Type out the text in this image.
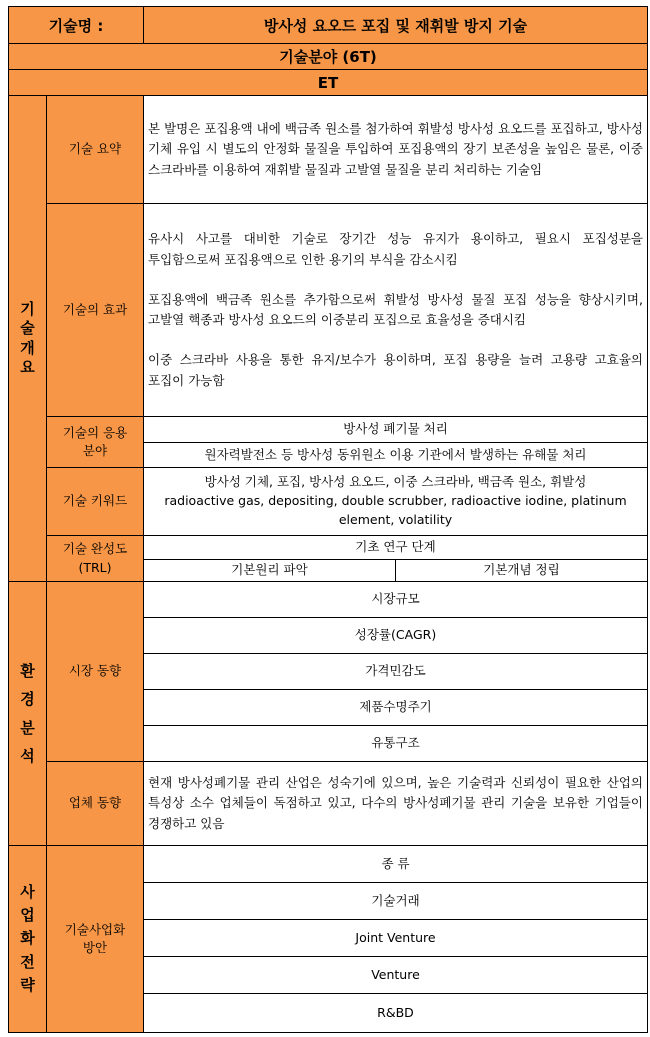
기술명 :	방사성 요오드 포집 및 재휘발 방지 기술
기술분야 (6T)
ET
기
술
개
요
기술 요약
본 발명은 포집용액 내에 백금족 원소를 첨가하여 휘발성 방사성 요오드를 포집하고, 방사성 기체 유입 시 별도의 안정화 물질을 투입하여 포집용액의 장기 보존성을 높임은 물론, 이중 스크라바를 이용하여 재휘발 물질과 고발열 물질을 분리 처리하는 기술임
기술의 효과

유사시 사고를 대비한 기술로 장기간 성능 유지가 용이하고, 필요시 포집성분을 투입함으로써 포집용액으로 인한 용기의 부식을 감소시킴

포집용액에 백금족 원소를 추가함으로써 휘발성 방사성 물질 포집 성능을 향상시키며, 고발열 핵종과 방사성 요오드의 이중분리 포집으로 효율성을 증대시킴

이중 스크라바 사용을 통한 유지/보수가 용이하며, 포집 용량을 늘려 고용량 고효율의 포집이 가능함

기술의 응용
분야
방사성 폐기물 처리
원자력발전소 등 방사성 동위원소 이용 기관에서 발생하는 유해물 처리
기술 키워드
방사성 기체, 포집, 방사성 요오드, 이중 스크라바, 백금족 원소, 휘발성
radioactive gas, depositing, double scrubber, radioactive iodine, platinum element, volatility
기술 완성도
(TRL)
기초 연구 단계
기본원리 파악	기본개념 정립
환
경
분
석
시장 동향
시장규모
성장률(CAGR)
가격민감도
제품수명주기
유통구조
업체 동향
현재 방사성폐기물 관리 산업은 성숙기에 있으며, 높은 기술력과 신뢰성이 필요한 산업의 특성상 소수 업체들이 독점하고 있고, 다수의 방사성폐기물 관리 기술을 보유한 기업들이 경쟁하고 있음
사
업
화
전
략
기술사업화
방안
종 류
기술거래
Joint Venture
Venture
R&BD
